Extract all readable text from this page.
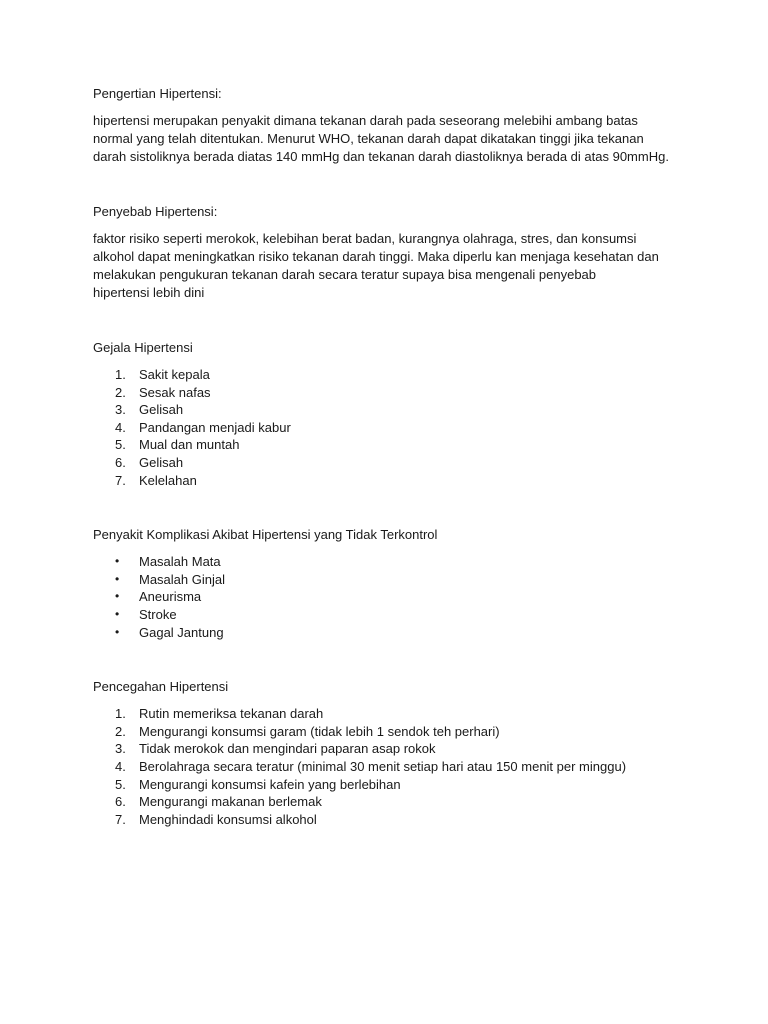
Pengertian Hipertensi:

hipertensi merupakan penyakit dimana tekanan darah pada seseorang melebihi ambang batas
normal yang telah ditentukan. Menurut WHO, tekanan darah dapat dikatakan tinggi jika tekanan
darah sistoliknya berada diatas 140 mmHg dan tekanan darah diastoliknya berada di atas 90mmHg.

Penyebab Hipertensi:

faktor risiko seperti merokok, kelebihan berat badan, kurangnya olahraga, stres, dan konsumsi
alkohol dapat meningkatkan risiko tekanan darah tinggi. Maka diperlu kan menjaga kesehatan dan
melakukan pengukuran tekanan darah secara teratur supaya bisa mengenali penyebab
hipertensi lebih dini

Gejala Hipertensi

1. Sakit kepala
2. Sesak nafas
3. Gelisah
4. Pandangan menjadi kabur
5. Mual dan muntah
6. Gelisah
7. Kelelahan

Penyakit Komplikasi Akibat Hipertensi yang Tidak Terkontrol

• Masalah Mata
• Masalah Ginjal
• Aneurisma
• Stroke
• Gagal Jantung

Pencegahan Hipertensi

1. Rutin memeriksa tekanan darah
2. Mengurangi konsumsi garam (tidak lebih 1 sendok teh perhari)
3. Tidak merokok dan mengindari paparan asap rokok
4. Berolahraga secara teratur (minimal 30 menit setiap hari atau 150 menit per minggu)
5. Mengurangi konsumsi kafein yang berlebihan
6. Mengurangi makanan berlemak
7. Menghindadi konsumsi alkohol
